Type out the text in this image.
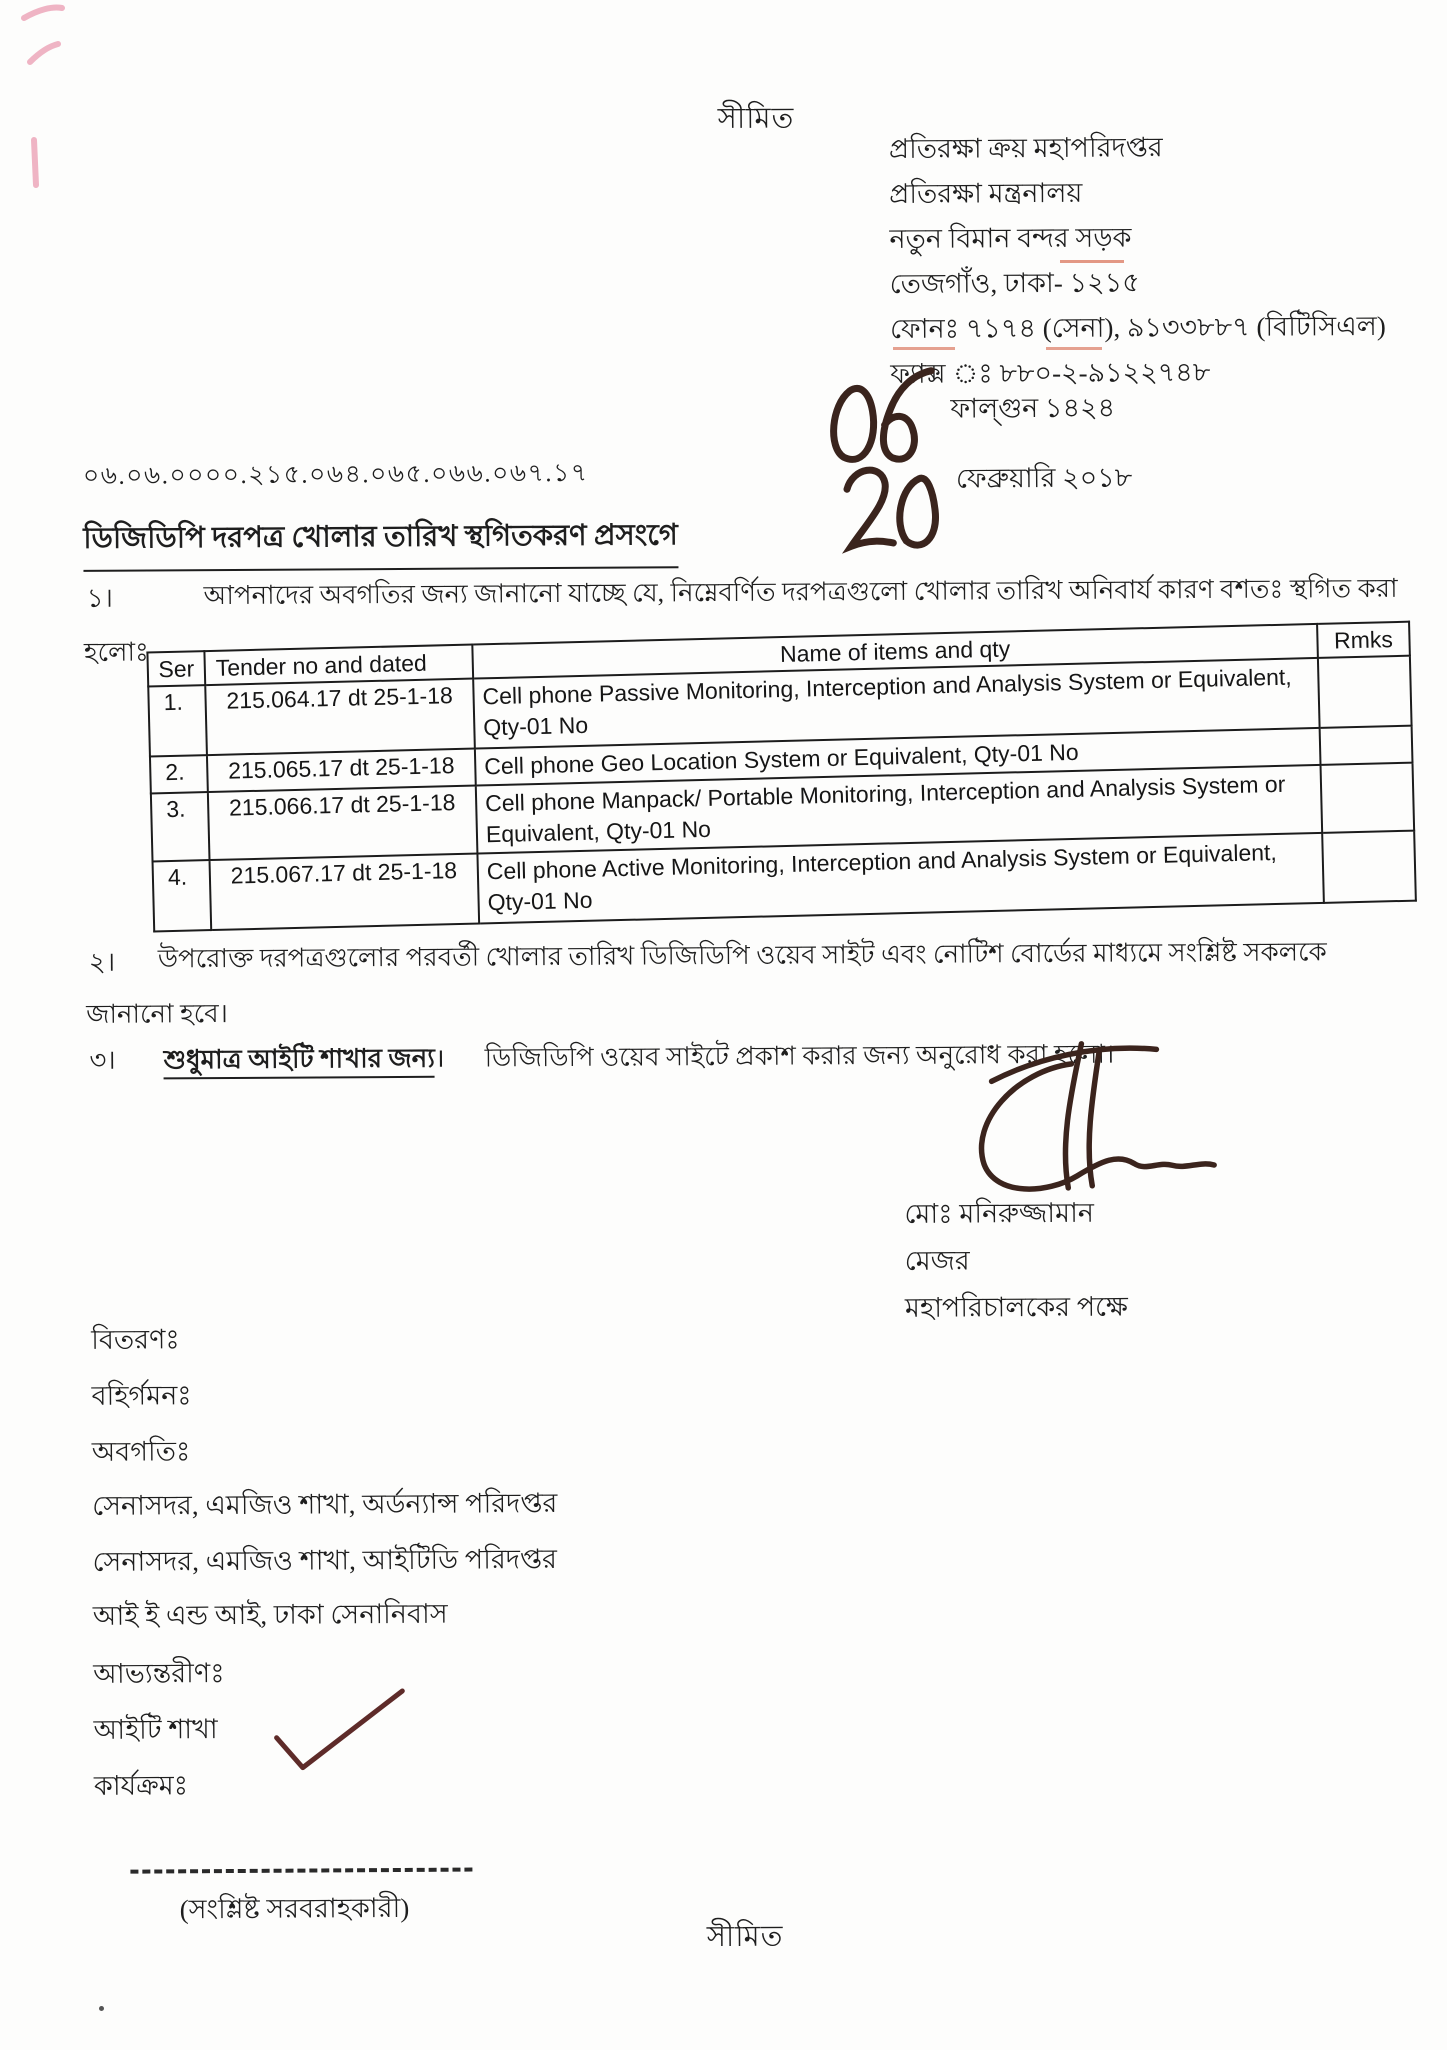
সীমিত
প্রতিরক্ষা ক্রয় মহাপরিদপ্তর
প্রতিরক্ষা মন্ত্রনালয়
নতুন বিমান বন্দর সড়ক
তেজগাঁও, ঢাকা- ১২১৫
ফোনঃ ৭১৭৪ (সেনা), ৯১৩৩৮৮৭ (বিটিসিএল)
ফ্যাক্স ঃ ৮৮০-২-৯১২২৭৪৮
ফাল্গুন ১৪২৪
ফেব্রুয়ারি ২০১৮
০৬.০৬.০০০০.২১৫.০৬৪.০৬৫.০৬৬.০৬৭.১৭
ডিজিডিপি দরপত্র খোলার তারিখ স্থগিতকরণ প্রসংগে
১।	আপনাদের অবগতির জন্য জানানো যাচ্ছে যে, নিম্নেবর্ণিত দরপত্রগুলো খোলার তারিখ অনিবার্য কারণ বশতঃ স্থগিত করা
হলোঃ
Ser	Tender no and dated	Name of items and qty	Rmks
1.	215.064.17 dt 25-1-18	Cell phone Passive Monitoring, Interception and Analysis System or Equivalent, Qty-01 No	
2.	215.065.17 dt 25-1-18	Cell phone Geo Location System or Equivalent, Qty-01 No	
3.	215.066.17 dt 25-1-18	Cell phone Manpack/ Portable Monitoring, Interception and Analysis System or Equivalent, Qty-01 No	
4.	215.067.17 dt 25-1-18	Cell phone Active Monitoring, Interception and Analysis System or Equivalent, Qty-01 No	
২। উপরোক্ত দরপত্রগুলোর পরবর্তী খোলার তারিখ ডিজিডিপি ওয়েব সাইট এবং নোটিশ বোর্ডের মাধ্যমে সংশ্লিষ্ট সকলকে
জানানো হবে।
৩। শুধুমাত্র আইটি শাখার জন্য। ডিজিডিপি ওয়েব সাইটে প্রকাশ করার জন্য অনুরোধ করা হলো।
মোঃ মনিরুজ্জামান
মেজর
মহাপরিচালকের পক্ষে
বিতরণঃ
বহির্গমনঃ
অবগতিঃ
সেনাসদর, এমজিও শাখা, অর্ডন্যান্স পরিদপ্তর
সেনাসদর, এমজিও শাখা, আইটিডি পরিদপ্তর
আই ই এন্ড আই, ঢাকা সেনানিবাস
আভ্যন্তরীণঃ
আইটি শাখা
কার্যক্রমঃ
(সংশ্লিষ্ট সরবরাহকারী)
সীমিত
